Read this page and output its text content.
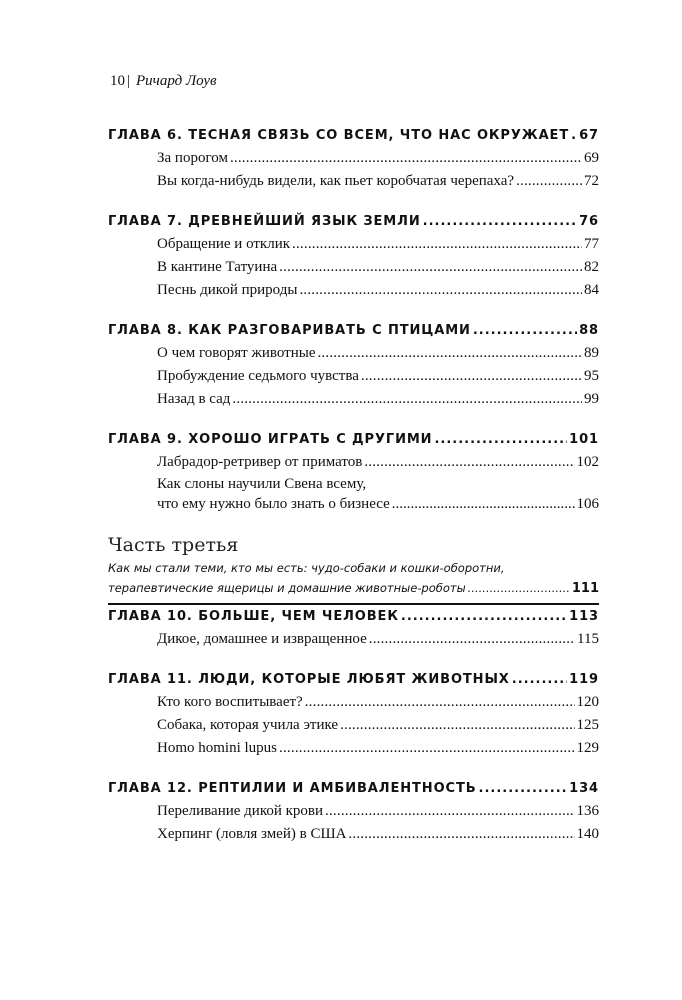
10 | Ричард Лоув
ГЛАВА 6. ТЕСНАЯ СВЯЗЬ СО ВСЕМ, ЧТО НАС ОКРУЖАЕТ ..... 67
За порогом .....	69
Вы когда-нибудь видели, как пьет коробчатая черепаха? .....	72
ГЛАВА 7. ДРЕВНЕЙШИЙ ЯЗЫК ЗЕМЛИ .....	76
Обращение и отклик .....	77
В кантине Татуина .....	82
Песнь дикой природы .....	84
ГЛАВА 8. КАК РАЗГОВАРИВАТЬ С ПТИЦАМИ .....	88
О чем говорят животные .....	89
Пробуждение седьмого чувства .....	95
Назад в сад .....	99
ГЛАВА 9. ХОРОШО ИГРАТЬ С ДРУГИМИ .....	101
Лабрадор-ретривер от приматов .....	102
Как слоны научили Свена всему,
что ему нужно было знать о бизнесе .....	106
Часть третья
Как мы стали теми, кто мы есть: чудо-собаки и кошки-оборотни,
терапевтические ящерицы и домашние животные-роботы .....	111
ГЛАВА 10. БОЛЬШЕ, ЧЕМ ЧЕЛОВЕК .....	113
Дикое, домашнее и извращенное .....	115
ГЛАВА 11. ЛЮДИ, КОТОРЫЕ ЛЮБЯТ ЖИВОТНЫХ .....	119
Кто кого воспитывает? .....	120
Собака, которая учила этике .....	125
Homo homini lupus .....	129
ГЛАВА 12. РЕПТИЛИИ И АМБИВАЛЕНТНОСТЬ .....	134
Переливание дикой крови .....	136
Херпинг (ловля змей) в США .....	140
